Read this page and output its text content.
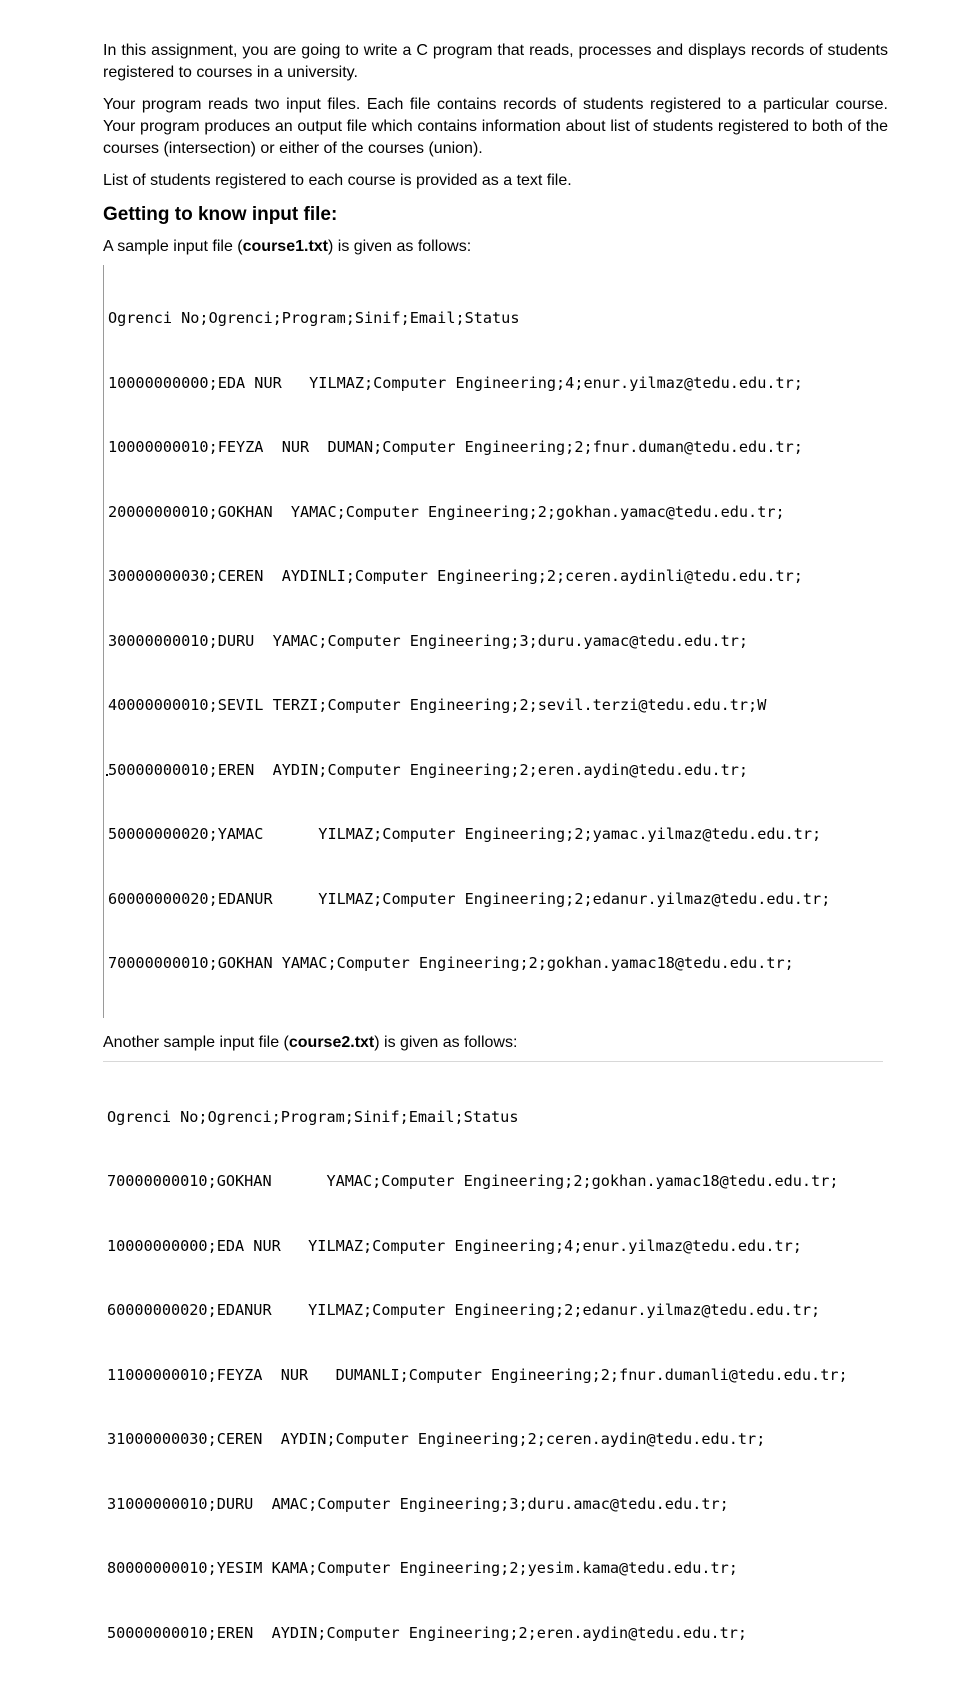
In this assignment, you are going to write a C program that reads, processes and displays records of students registered to courses in a university.

Your program reads two input files. Each file contains records of students registered to a particular course. Your program produces an output file which contains information about list of students registered to both of the courses (intersection) or either of the courses (union).

List of students registered to each course is provided as a text file.

Getting to know input file:
A sample input file (course1.txt) is given as follows:

Ogrenci No;Ogrenci;Program;Sinif;Email;Status

10000000000;EDA NUR   YILMAZ;Computer Engineering;4;enur.yilmaz@tedu.edu.tr;

10000000010;FEYZA  NUR  DUMAN;Computer Engineering;2;fnur.duman@tedu.edu.tr;

20000000010;GOKHAN  YAMAC;Computer Engineering;2;gokhan.yamac@tedu.edu.tr;

30000000030;CEREN  AYDINLI;Computer Engineering;2;ceren.aydinli@tedu.edu.tr;

30000000010;DURU  YAMAC;Computer Engineering;3;duru.yamac@tedu.edu.tr;

40000000010;SEVIL TERZI;Computer Engineering;2;sevil.terzi@tedu.edu.tr;W

50000000010;EREN  AYDIN;Computer Engineering;2;eren.aydin@tedu.edu.tr;

50000000020;YAMAC      YILMAZ;Computer Engineering;2;yamac.yilmaz@tedu.edu.tr;

60000000020;EDANUR     YILMAZ;Computer Engineering;2;edanur.yilmaz@tedu.edu.tr;

70000000010;GOKHAN YAMAC;Computer Engineering;2;gokhan.yamac18@tedu.edu.tr;

Another sample input file (course2.txt) is given as follows:

Ogrenci No;Ogrenci;Program;Sinif;Email;Status

70000000010;GOKHAN      YAMAC;Computer Engineering;2;gokhan.yamac18@tedu.edu.tr;

10000000000;EDA NUR   YILMAZ;Computer Engineering;4;enur.yilmaz@tedu.edu.tr;

60000000020;EDANUR    YILMAZ;Computer Engineering;2;edanur.yilmaz@tedu.edu.tr;

11000000010;FEYZA  NUR   DUMANLI;Computer Engineering;2;fnur.dumanli@tedu.edu.tr;

31000000030;CEREN  AYDIN;Computer Engineering;2;ceren.aydin@tedu.edu.tr;

31000000010;DURU  AMAC;Computer Engineering;3;duru.amac@tedu.edu.tr;

80000000010;YESIM KAMA;Computer Engineering;2;yesim.kama@tedu.edu.tr;

50000000010;EREN  AYDIN;Computer Engineering;2;eren.aydin@tedu.edu.tr;
